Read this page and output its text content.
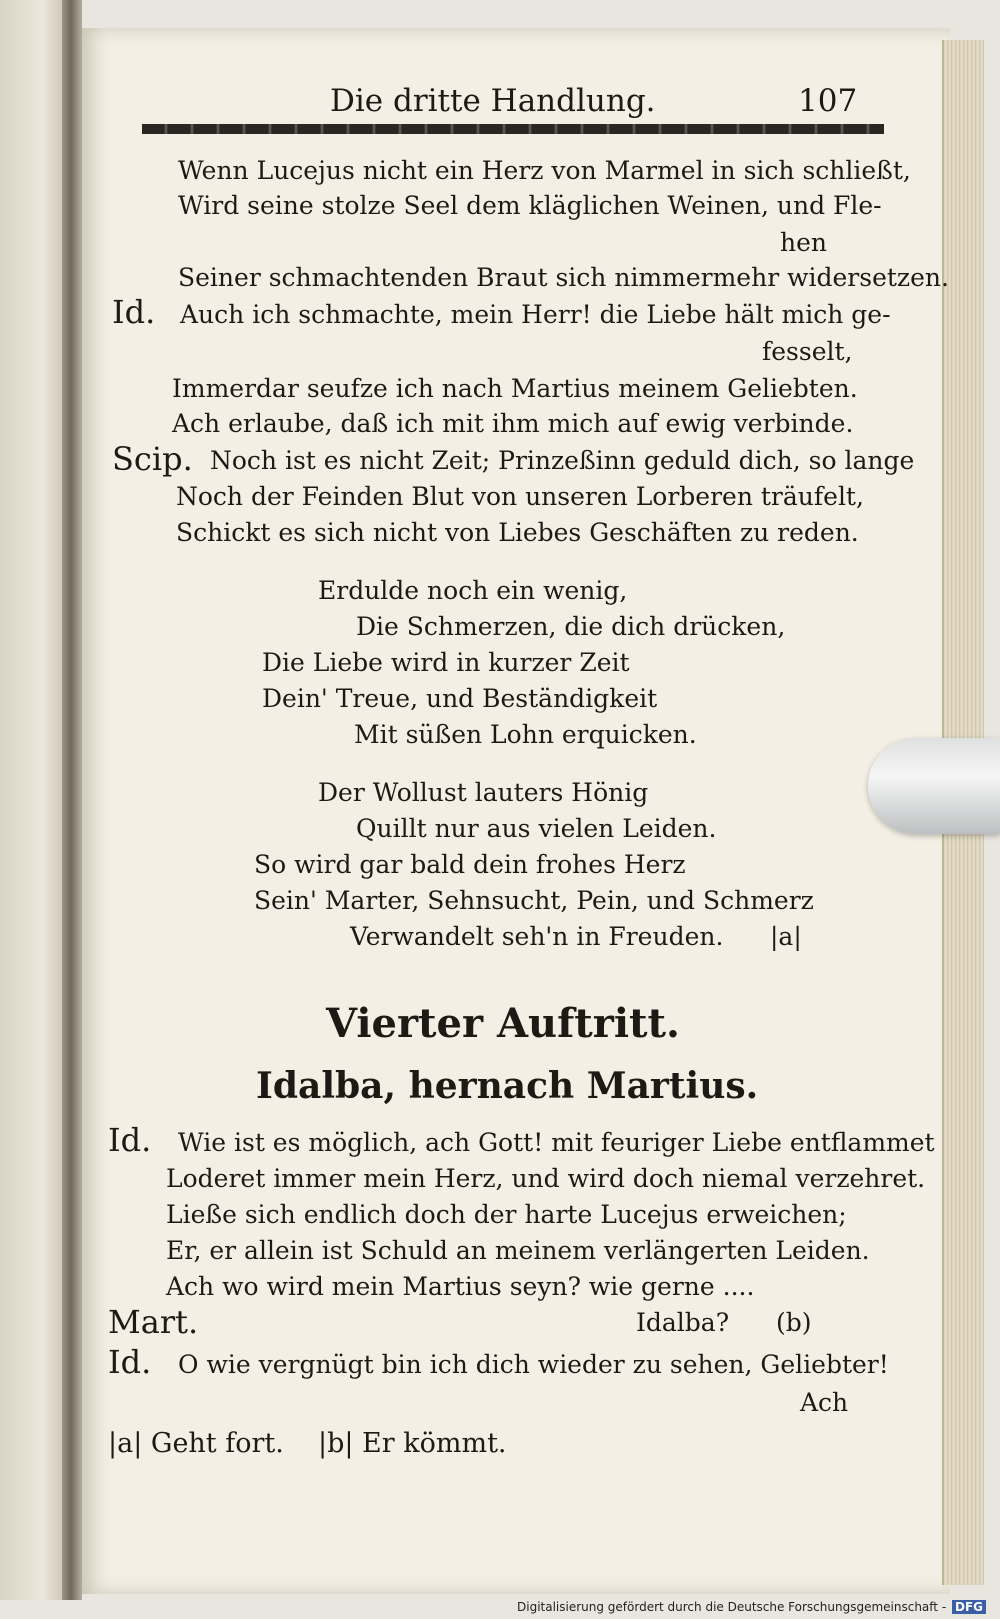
Die dritte Handlung.	107
Wenn Lucejus nicht ein Herz von Marmel in sich schließt,
Wird seine stolze Seel dem kläglichen Weinen, und Fle-
hen
Seiner schmachtenden Braut sich nimmermehr widersetzen.
Id. Auch ich schmachte, mein Herr! die Liebe hält mich ge-
fesselt,
Immerdar seufze ich nach Martius meinem Geliebten.
Ach erlaube, daß ich mit ihm mich auf ewig verbinde.
Scip. Noch ist es nicht Zeit; Prinzeßinn geduld dich, so lange
Noch der Feinden Blut von unseren Lorberen träufelt,
Schickt es sich nicht von Liebes Geschäften zu reden.
Erdulde noch ein wenig,
Die Schmerzen, die dich drücken,
Die Liebe wird in kurzer Zeit
Dein' Treue, und Beständigkeit
Mit süßen Lohn erquicken.
Der Wollust lauters Hönig
Quillt nur aus vielen Leiden.
So wird gar bald dein frohes Herz
Sein' Marter, Sehnsucht, Pein, und Schmerz
Verwandelt seh'n in Freuden. |a|
Vierter Auftritt.
Idalba, hernach Martius.
Id. Wie ist es möglich, ach Gott! mit feuriger Liebe entflammet
Loderet immer mein Herz, und wird doch niemal verzehret.
Ließe sich endlich doch der harte Lucejus erweichen;
Er, er allein ist Schuld an meinem verlängerten Leiden.
Ach wo wird mein Martius seyn? wie gerne ....
Mart.	Idalba? (b)
Id. O wie vergnügt bin ich dich wieder zu sehen, Geliebter!
Ach
|a| Geht fort. |b| Er kömmt.
Digitalisierung gefördert durch die Deutsche Forschungsgemeinschaft - DFG
